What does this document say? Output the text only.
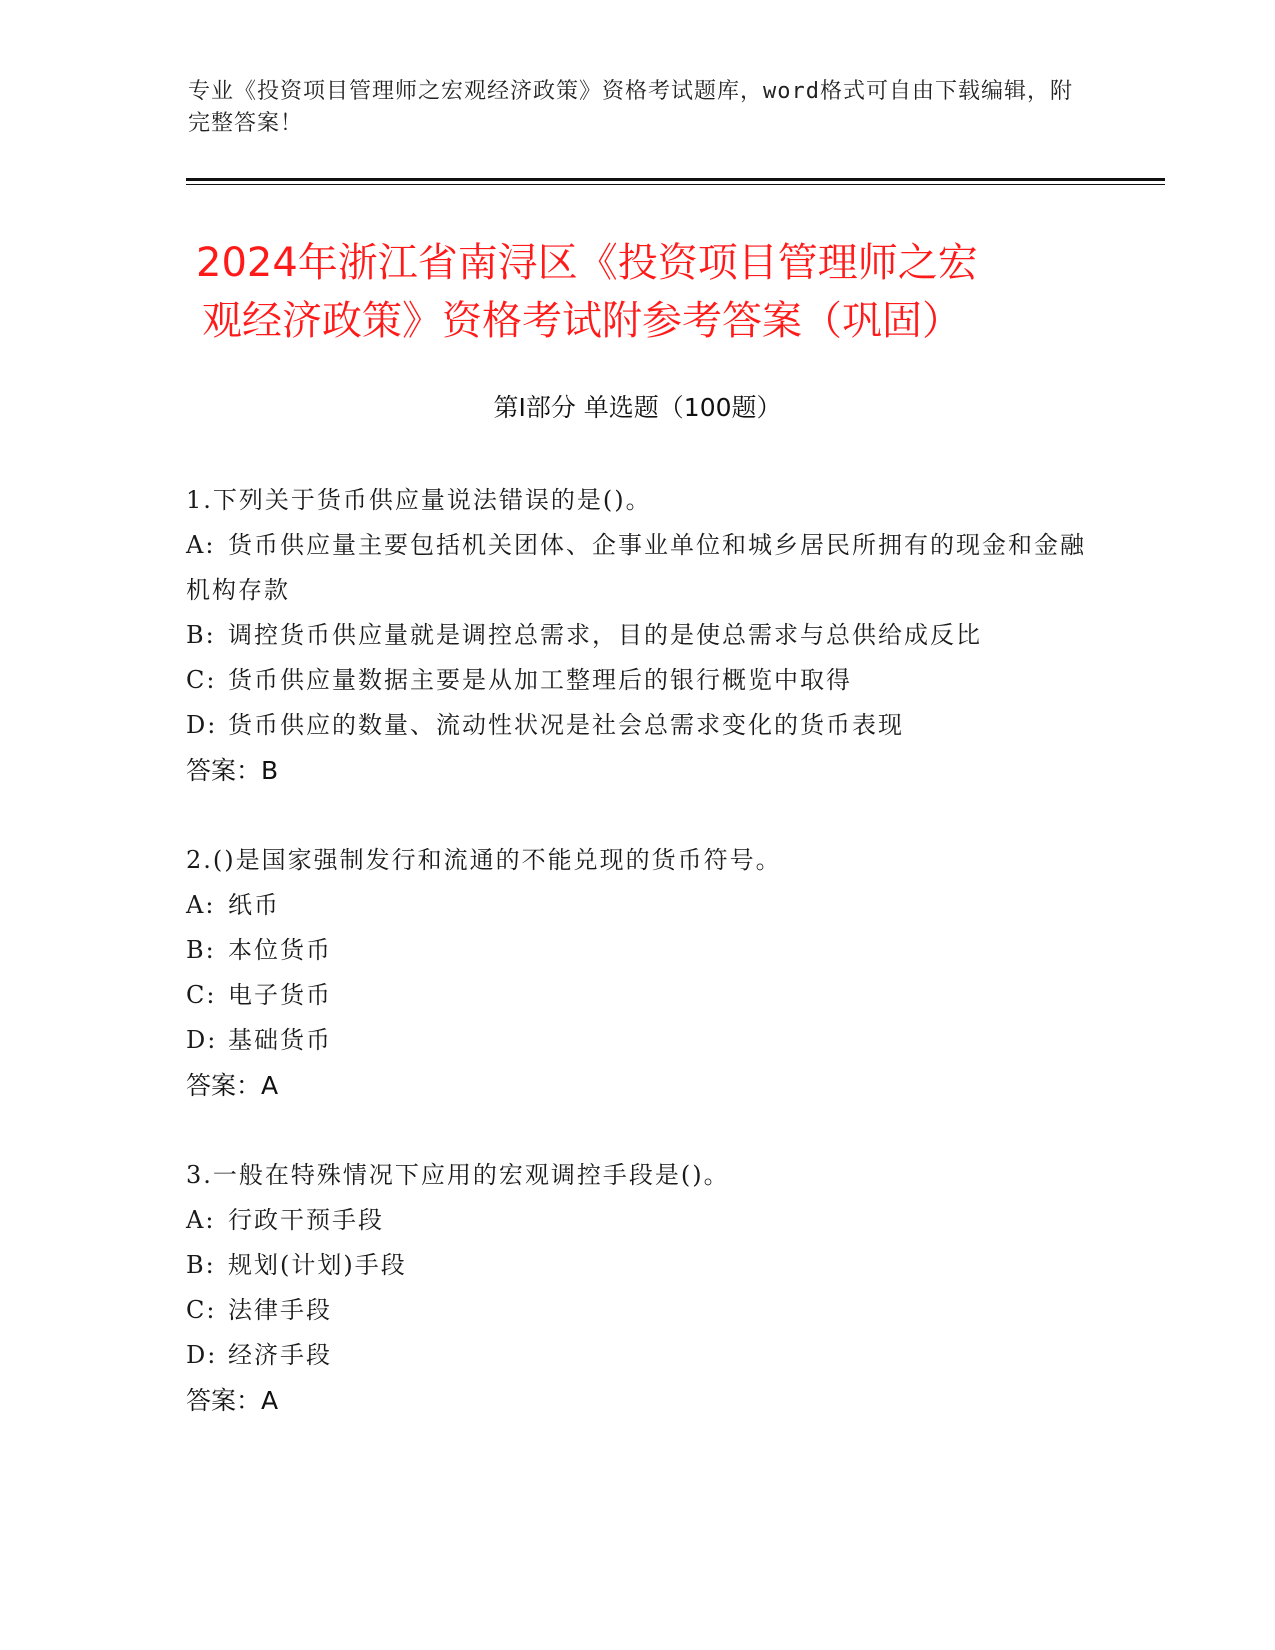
专业《投资项目管理师之宏观经济政策》资格考试题库，word格式可自由下载编辑，附完整答案！
2024年浙江省南浔区《投资项目管理师之宏
观经济政策》资格考试附参考答案（巩固）
第Ⅰ部分 单选题（100题）
1.下列关于货币供应量说法错误的是()。
A: 货币供应量主要包括机关团体、企事业单位和城乡居民所拥有的现金和金融机构存款
B: 调控货币供应量就是调控总需求，目的是使总需求与总供给成反比
C: 货币供应量数据主要是从加工整理后的银行概览中取得
D: 货币供应的数量、流动性状况是社会总需求变化的货币表现
答案：B
2.()是国家强制发行和流通的不能兑现的货币符号。
A: 纸币
B: 本位货币
C: 电子货币
D: 基础货币
答案：A
3.一般在特殊情况下应用的宏观调控手段是()。
A: 行政干预手段
B: 规划(计划)手段
C: 法律手段
D: 经济手段
答案：A
